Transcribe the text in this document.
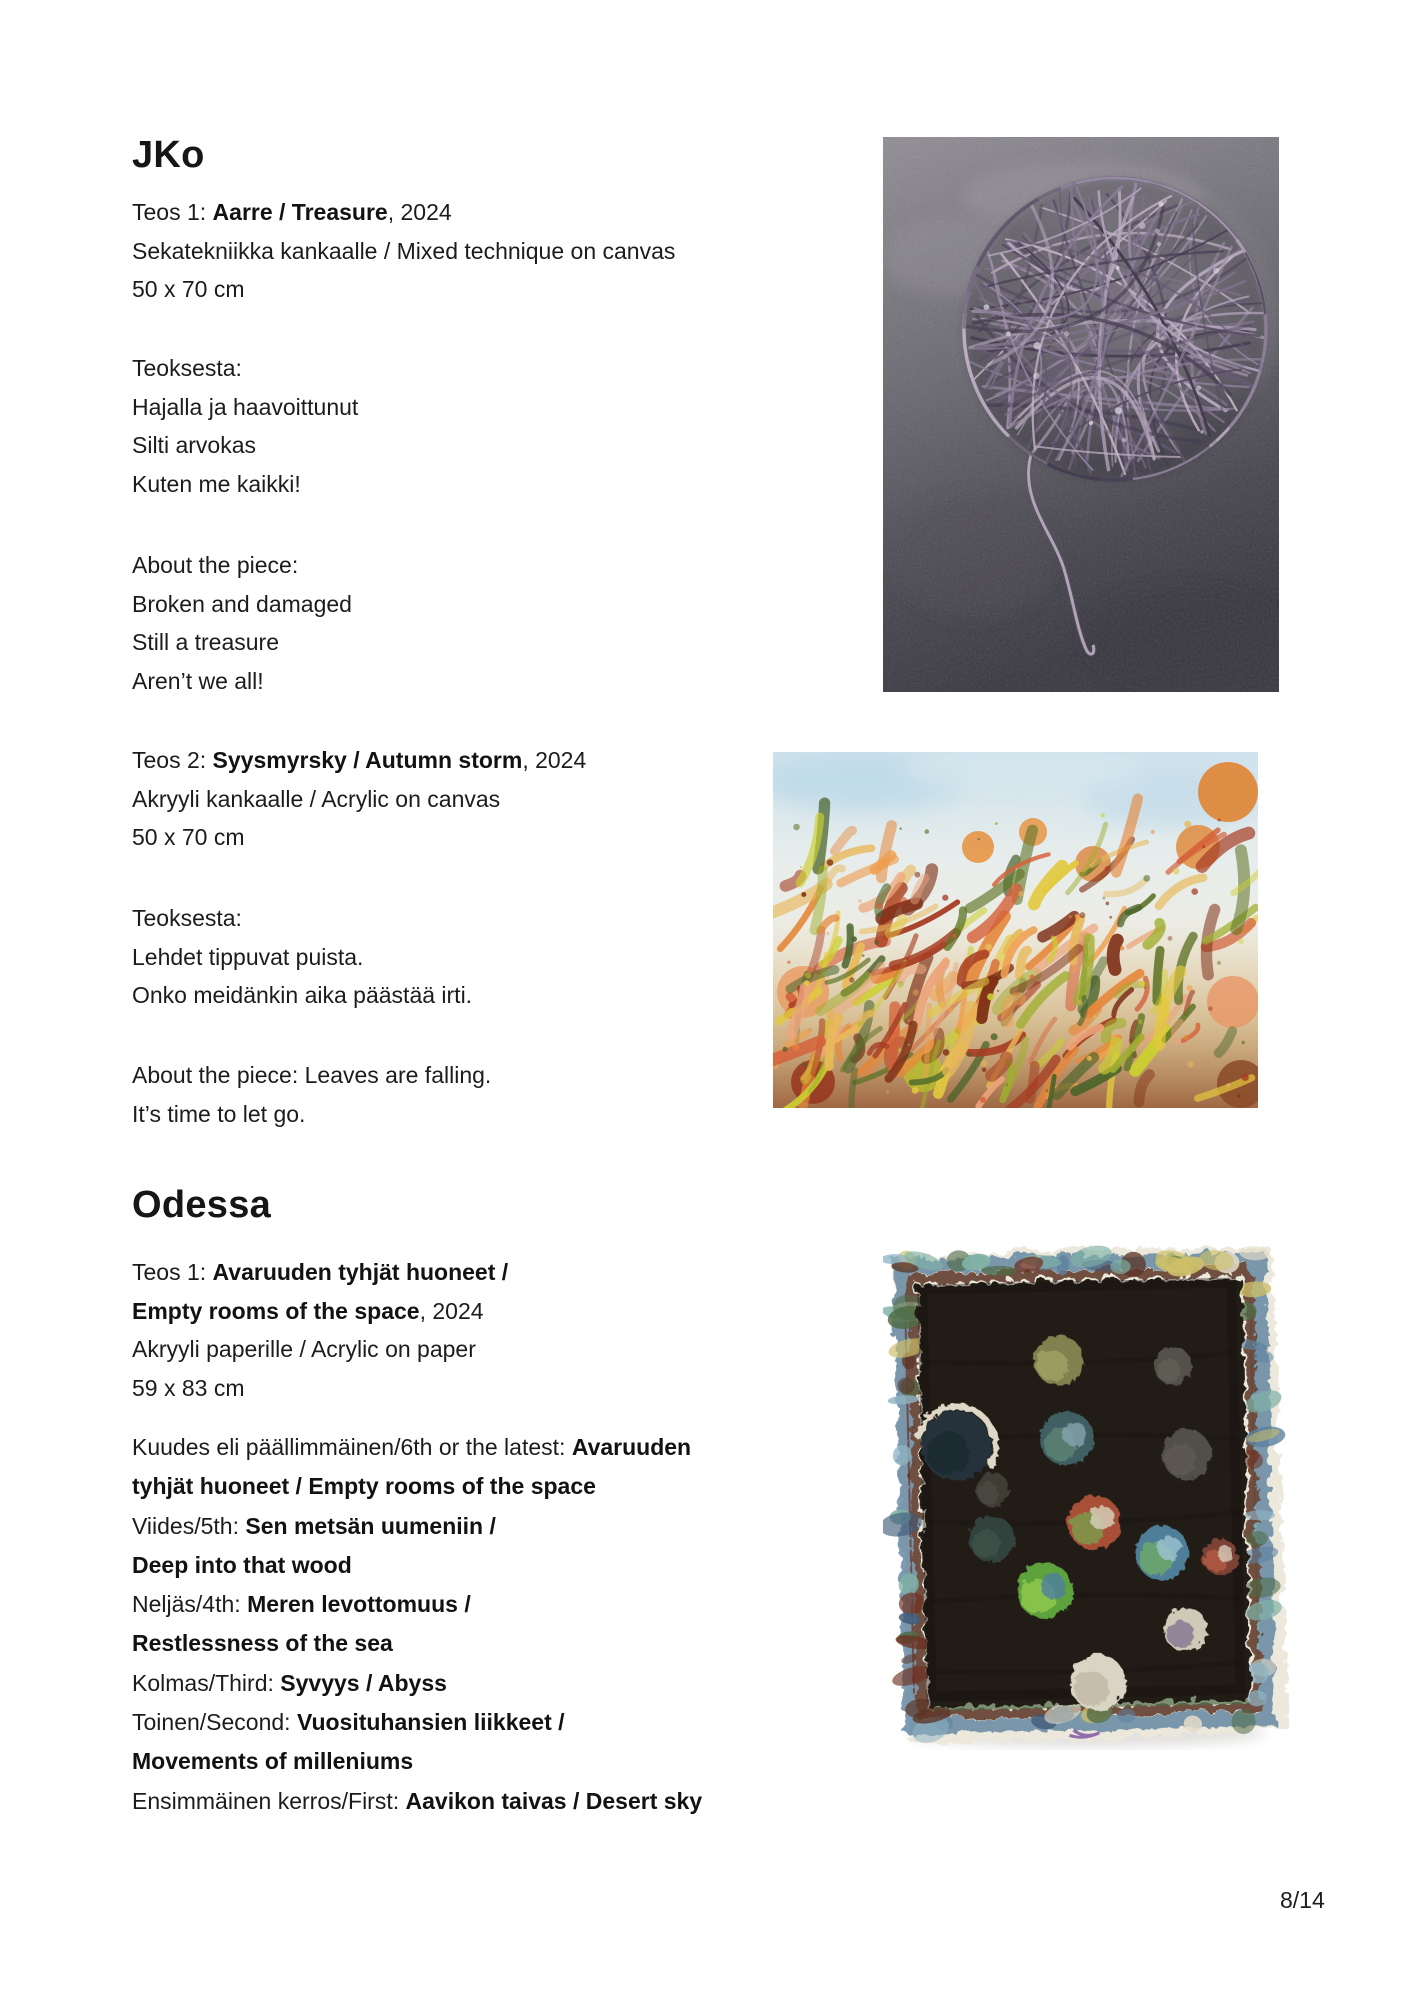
JKo
Teos 1: Aarre / Treasure, 2024
Sekatekniikka kankaalle / Mixed technique on canvas
50 x 70 cm
Teoksesta:
Hajalla ja haavoittunut
Silti arvokas
Kuten me kaikki!
About the piece:
Broken and damaged
Still a treasure
Aren’t we all!
Teos 2: Syysmyrsky / Autumn storm, 2024
Akryyli kankaalle / Acrylic on canvas
50 x 70 cm
Teoksesta:
Lehdet tippuvat puista.
Onko meidänkin aika päästää irti.
About the piece: Leaves are falling.
It’s time to let go.
Odessa
Teos 1: Avaruuden tyhjät huoneet /
Empty rooms of the space, 2024
Akryyli paperille / Acrylic on paper
59 x 83 cm
Kuudes eli päällimmäinen/6th or the latest: Avaruuden
tyhjät huoneet / Empty rooms of the space
Viides/5th: Sen metsän uumeniin /
Deep into that wood
Neljäs/4th: Meren levottomuus /
Restlessness of the sea
Kolmas/Third: Syvyys / Abyss
Toinen/Second: Vuosituhansien liikkeet /
Movements of milleniums
Ensimmäinen kerros/First: Aavikon taivas / Desert sky
8/14
